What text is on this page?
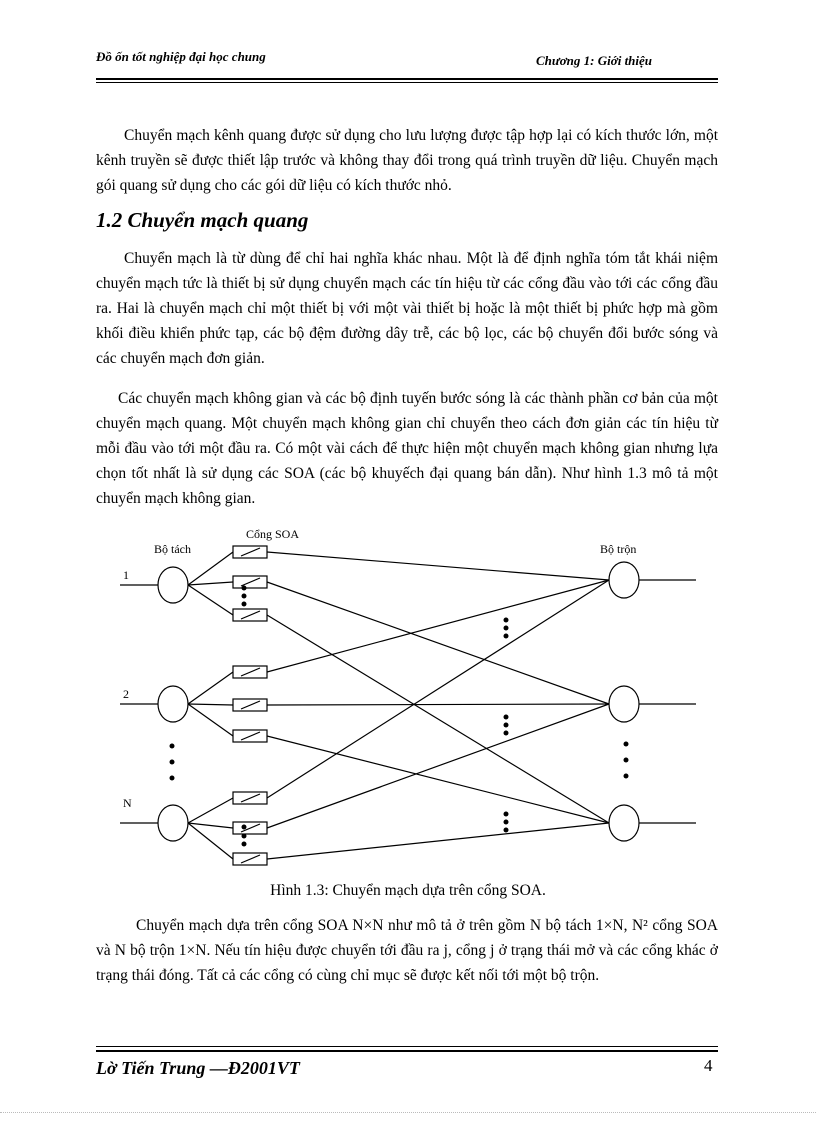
Đồ ốn tốt nghiệp đại học chung	Chương 1: Giới thiệu

Chuyển mạch kênh quang được sử dụng cho lưu lượng được tập hợp lại có kích thước lớn, một kênh truyền sẽ được thiết lập trước và không thay đổi trong quá trình truyền dữ liệu. Chuyển mạch gói quang sử dụng cho các gói dữ liệu có kích thước nhỏ.

1.2 Chuyển mạch quang

Chuyển mạch là từ dùng để chỉ hai nghĩa khác nhau. Một là để định nghĩa tóm tắt khái niệm chuyển mạch tức là thiết bị sử dụng chuyển mạch các tín hiệu từ các cổng đầu vào tới các cổng đầu ra. Hai là chuyển mạch chỉ một thiết bị với một vài thiết bị hoặc là một thiết bị phức hợp mà gồm khối điều khiển phức tạp, các bộ đệm đường dây trễ, các bộ lọc, các bộ chuyển đổi bước sóng và các chuyển mạch đơn giản.

Các chuyển mạch không gian và các bộ định tuyến bước sóng là các thành phần cơ bản của một chuyển mạch quang. Một chuyển mạch không gian chỉ chuyển theo cách đơn giản các tín hiệu từ mỗi đầu vào tới một đầu ra. Có một vài cách để thực hiện một chuyển mạch không gian nhưng lựa chọn tốt nhất là sử dụng các SOA (các bộ khuyếch đại quang bán dẫn). Như hình 1.3 mô tả một chuyển mạch không gian.

Bộ tách
Cổng SOA
Bộ trộn
1
2
N

Hình 1.3: Chuyển mạch dựa trên cổng SOA.

Chuyển mạch dựa trên cổng SOA N×N như mô tả ở trên gồm N bộ tách 1×N, N² cổng SOA và N bộ trộn 1×N. Nếu tín hiệu được chuyển tới đầu ra j, cổng j ở trạng thái mở và các cổng khác ở trạng thái đóng. Tất cả các cổng có cùng chỉ mục sẽ được kết nối tới một bộ trộn.

Lờ Tiến Trung —Đ2001VT	4
